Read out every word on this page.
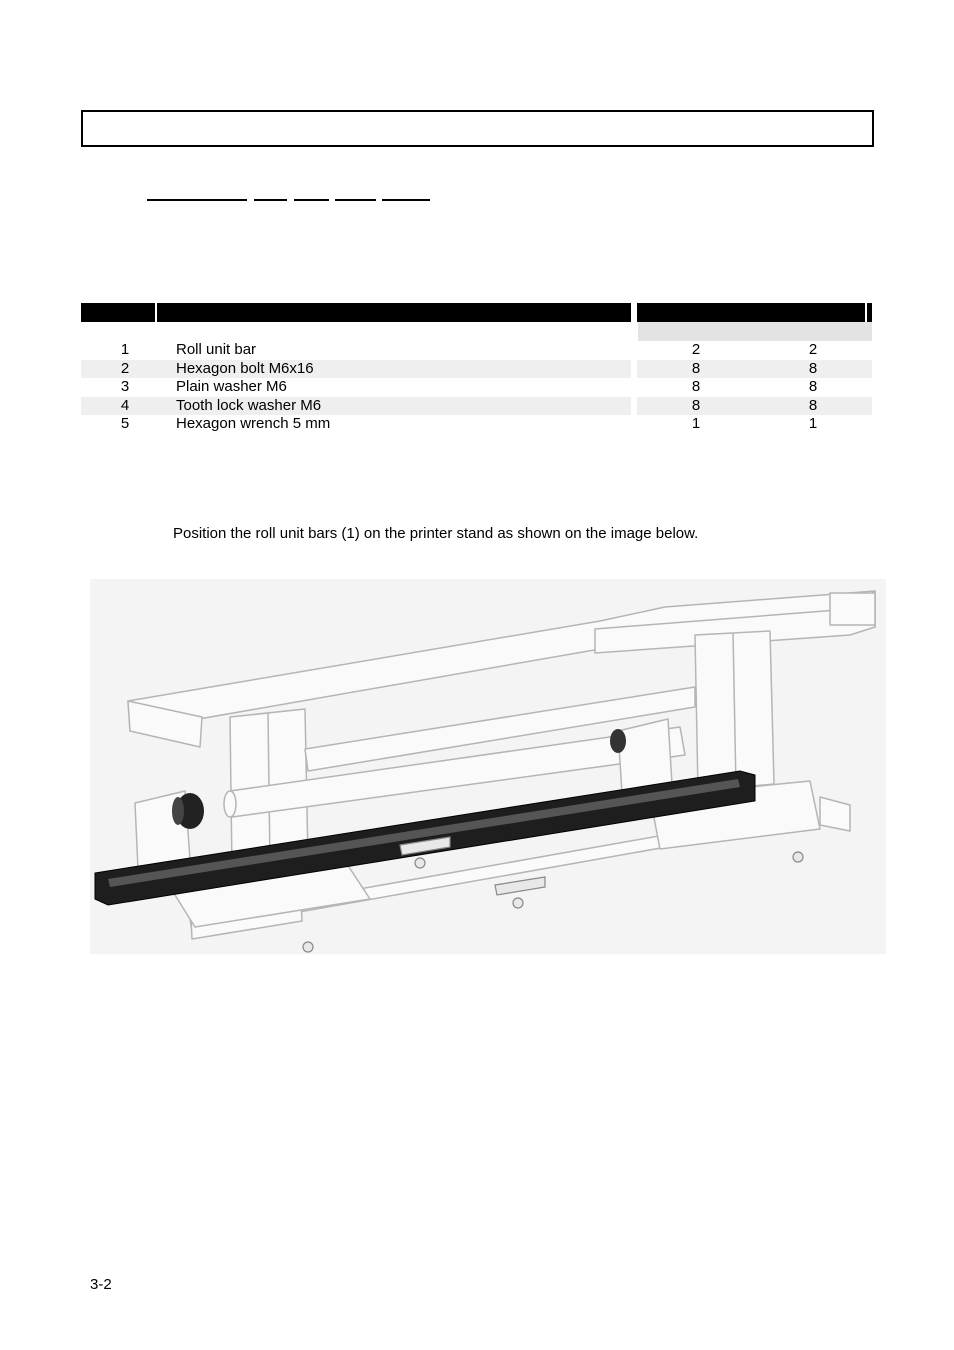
1	Roll unit bar	2	2
2	Hexagon bolt M6x16	8	8
3	Plain washer M6	8	8
4	Tooth lock washer M6	8	8
5	Hexagon wrench 5 mm	1	1
Position the roll unit bars (1) on the printer stand as shown on the image below.
3-2
